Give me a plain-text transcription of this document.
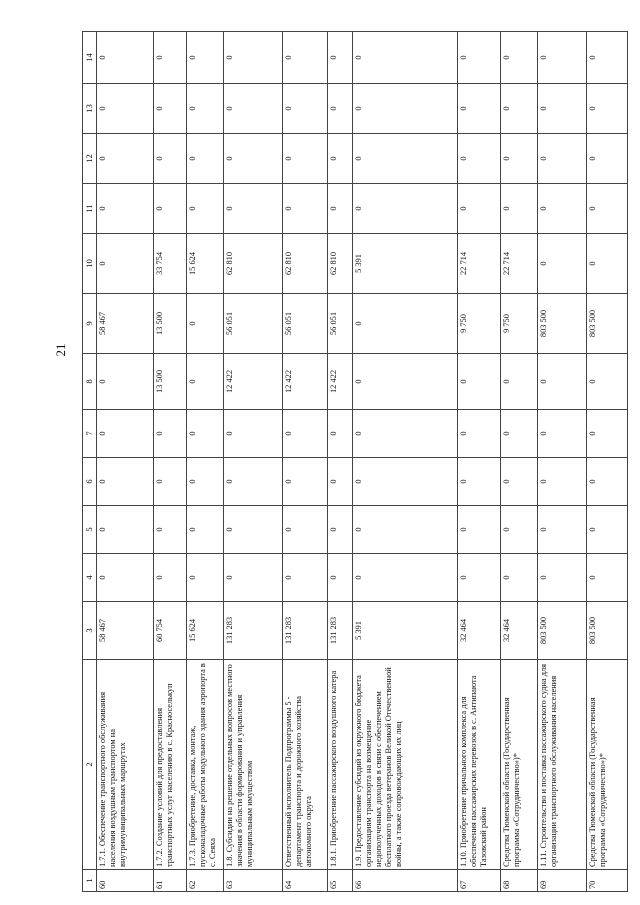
21
1	2	3	4	5	6	7	8	9	10	11	12	13	14
60	1.7.1. Обеспечение транспортного обслуживания населения воздушным транспортом на внутримуниципальных маршрутах	58 467	0	0	0	0	0	58 467	0	0	0	0	0
61	1.7.2. Создание условий для предоставления транспортных услуг населению в с. Красноселькуп	60 754	0	0	0	0	13 500	13 500	33 754	0	0	0	0
62	1.7.3. Приобретение, доставка, монтаж, пусконаладочные работы модульного здания аэропорта в с. Сеяха	15 624	0	0	0	0	0	0	15 624	0	0	0	0
63	1.8. Субсидии на решение отдельных вопросов местного значения в области формирования и управления муниципальным имуществом	131 283	0	0	0	0	12 422	56 051	62 810	0	0	0	0
64	Ответственный исполнитель Подпрограммы 5 - департамент транспорта и дорожного хозяйства автономного округа	131 283	0	0	0	0	12 422	56 051	62 810	0	0	0	0
65	1.8.1. Приобретение пассажирского воздушного катера	131 283	0	0	0	0	12 422	56 051	62 810	0	0	0	0
66	1.9. Предоставление субсидий из окружного бюджета организациям транспорта на возмещение недополученных доходов в связи с обеспечением бесплатного проезда ветеранов Великой Отечественной войны, а также сопровождающих их лиц	5 391	0	0	0	0	0	0	5 391	0	0	0	0
67	1.10. Приобретение причального комплекса для обеспечения пассажирских перевозок в с. Антипаюта Тазовский район	32 464	0	0	0	0	0	9 750	22 714	0	0	0	0
68	Средства Тюменской области (Государственная программа «Сотрудничество»)*	32 464	0	0	0	0	0	9 750	22 714	0	0	0	0
69	1.11. Строительство и поставка пассажирского судна для организации транспортного обслуживания населения	803 500	0	0	0	0	0	803 500	0	0	0	0	0
70	Средства Тюменской области (Государственная программа «Сотрудничество»)*	803 500	0	0	0	0	0	803 500	0	0	0	0	0
